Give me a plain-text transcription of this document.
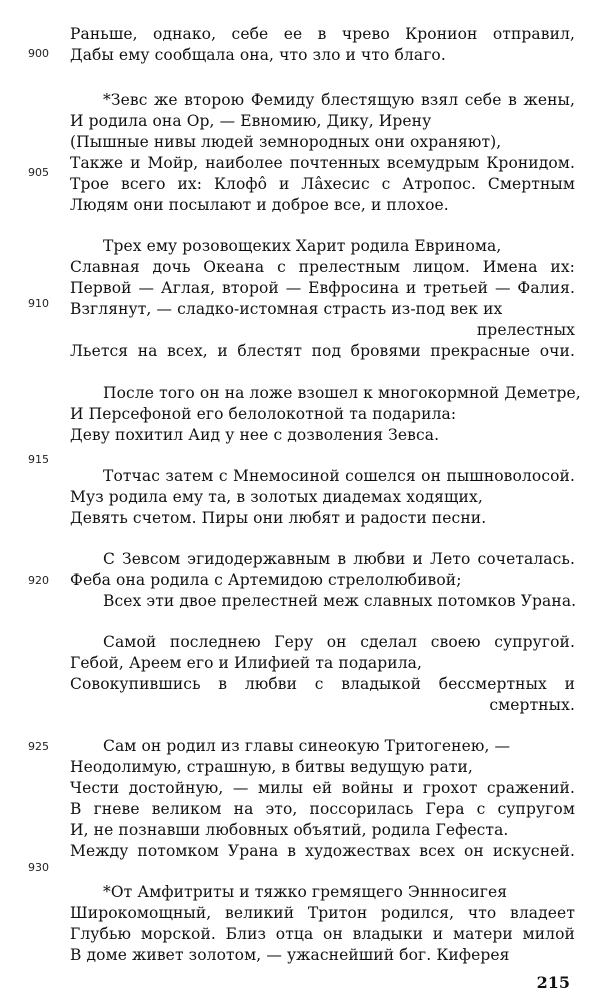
900
905
910
915
920
925
930
Раньше, однако, себе ее в чрево Кронион отправил,
Дабы ему сообщала она, что зло и что благо.
*Зевс же второю Фемиду блестящую взял себе в жены,
И родила она Ор, — Евномию, Дику, Ирену
(Пышные нивы людей земнородных они охраняют),
Также и Мойр, наиболее почтенных всемудрым Кронидом.
Трое всего их: Клофо̂ и Ла̂хесис с Атропос. Смертным
Людям они посылают и доброе все, и плохое.
Трех ему розовощеких Харит родила Евринома,
Славная дочь Океана с прелестным лицом. Имена их:
Первой — Аглая, второй — Евфросина и третьей — Фалия.
Взглянут, — сладко-истомная страсть из-под век их
прелестных
Льется на всех, и блестят под бровями прекрасные очи.
После того он на ложе взошел к многокормной Деметре,
И Персефоной его белолокотной та подарила:
Деву похитил Аид у нее с дозволения Зевса.
Тотчас затем с Мнемосиной сошелся он пышноволосой.
Муз родила ему та, в золотых диадемах ходящих,
Девять счетом. Пиры они любят и радости песни.
С Зевсом эгидодержавным в любви и Лето сочеталась.
Феба она родила с Артемидою стрелолюбивой;
Всех эти двое прелестней меж славных потомков Урана.
Самой последнею Геру он сделал своею супругой.
Гебой, Ареем его и Илифией та подарила,
Совокупившись в любви с владыкой бессмертных и
смертных.
Сам он родил из главы синеокую Тритогенею, —
Неодолимую, страшную, в битвы ведущую рати,
Чести достойную, — милы ей войны и грохот сражений.
В гневе великом на это, поссорилась Гера с супругом
И, не познавши любовных объятий, родила Гефеста.
Между потомком Урана в художествах всех он искусней.
*От Амфитриты и тяжко гремящего Эннносигея
Широкомощный, великий Тритон родился, что владеет
Глубью морской. Близ отца он владыки и матери милой
В доме живет золотом, — ужаснейший бог. Киферея
215
